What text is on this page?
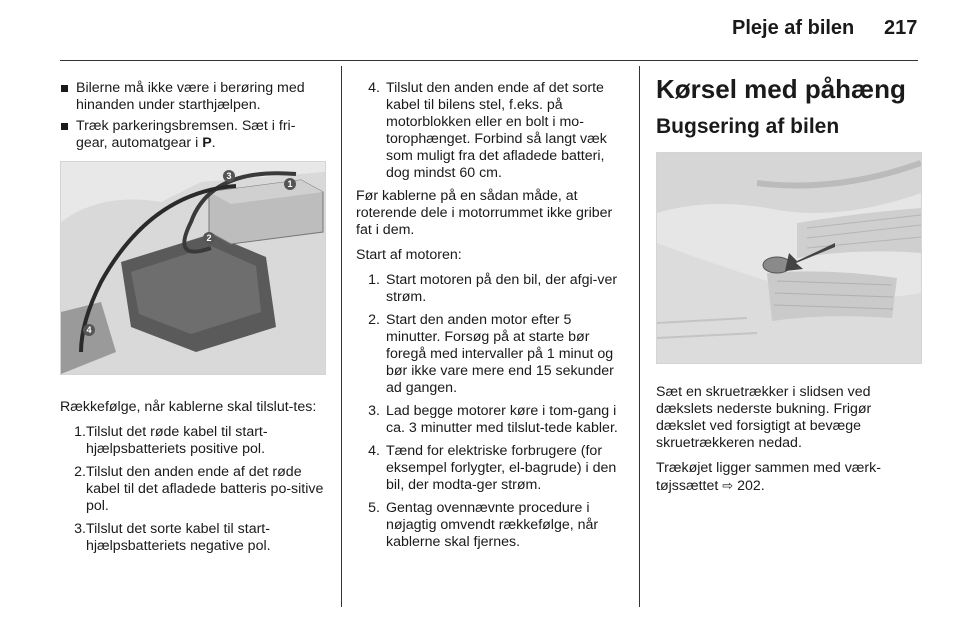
Pleje af bilen 217

Bilerne må ikke være i berøring med hinanden under starthjælpen.

Træk parkeringsbremsen. Sæt i fri-gear, automatgear i P.

1
2
3
4

Rækkefølge, når kablerne skal tilslut-tes:

1. Tilslut det røde kabel til start-hjælpsbatteriets positive pol.

2. Tilslut den anden ende af det røde kabel til det afladede batteris po-sitive pol.

3. Tilslut det sorte kabel til start-hjælpsbatteriets negative pol.

4. Tilslut den anden ende af det sorte kabel til bilens stel, f.eks. på motorblokken eller en bolt i mo-torophænget. Forbind så langt væk som muligt fra det afladede batteri, dog mindst 60 cm.

Før kablerne på en sådan måde, at roterende dele i motorrummet ikke griber fat i dem.

Start af motoren:

1. Start motoren på den bil, der afgi-ver strøm.

2. Start den anden motor efter 5 minutter. Forsøg på at starte bør foregå med intervaller på 1 minut og bør ikke vare mere end 15 sekunder ad gangen.

3. Lad begge motorer køre i tom-gang i ca. 3 minutter med tilslut-tede kabler.

4. Tænd for elektriske forbrugere (for eksempel forlygter, el-bagrude) i den bil, der modta-ger strøm.

5. Gentag ovennævnte procedure i nøjagtig omvendt rækkefølge, når kablerne skal fjernes.

Kørsel med påhæng
Bugsering af bilen

Sæt en skruetrækker i slidsen ved dækslets nederste bukning. Frigør dækslet ved forsigtigt at bevæge skruetrækkeren nedad.

Trækøjet ligger sammen med værk-tøjssættet ⇨ 202.
